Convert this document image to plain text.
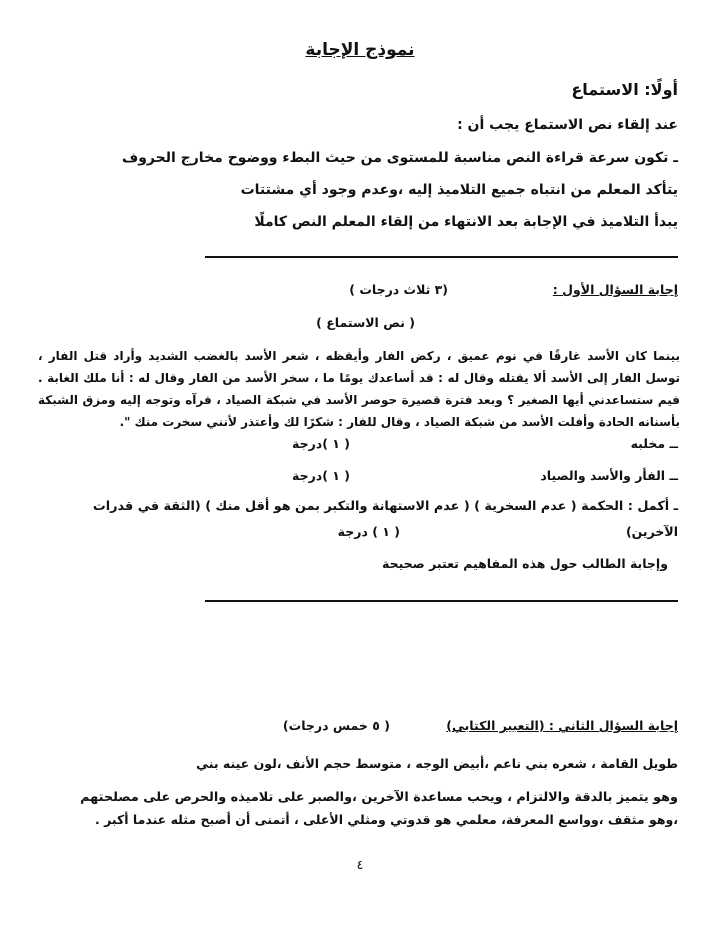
نموذج الإجابة
أولًا: الاستماع
عند إلقاء نص الاستماع يجب أن :
ـ تكون سرعة قراءة النص مناسبة للمستوى من حيث البطء ووضوح مخارج الحروف
يتأكد المعلم من انتباه جميع التلاميذ إليه ،وعدم وجود أي مشتتات
يبدأ التلاميذ في الإجابة بعد الانتهاء من إلقاء المعلم النص كاملًا
إجابة السؤال الأول :
(٣ ثلاث درجات )
( نص الاستماع )
بينما كان الأسد غارقًا في نوم عميق ، ركض الفار وأيقظه ، شعر الأسد بالغضب الشديد وأراد قتل الفار ، توسل الفار إلى الأسد ألا يقتله وقال له : قد أساعدك يومًا ما ، سخر الأسد من الفار وقال له : أنا ملك الغابة . فيم ستساعدني أيها الصغير ؟ وبعد فترة قصيرة حوصر الأسد في شبكة الصياد ، فرآه وتوجه إليه ومزق الشبكة بأسنانه الحادة وأفلت الأسد من شبكة الصياد ، وقال للفار : شكرًا لك وأعتذر لأنني سخرت منك ".
ــ مخلبه
( ١ )درجة
ــ الفأر والأسد والصياد
( ١ )درجة
ـ أكمل : الحكمة ( عدم السخرية ) ( عدم الاستهانة والتكبر بمن هو أقل منك ) (الثقة في قدرات
الآخرين)
( ١ ) درجة
وإجابة الطالب حول هذه المفاهيم تعتبر صحيحة
إجابة السؤال الثاني : (التعبير الكتابي)
( ٥ خمس درجات)
طويل القامة ، شعره بني ناعم ،أبيض الوجه ، متوسط حجم الأنف ،لون عينه بني
وهو يتميز بالدقة والالتزام ، ويحب مساعدة الآخرين ،والصبر على تلاميذه والحرص على مصلحتهم
،وهو مثقف ،وواسع المعرفة، معلمي هو قدوتي ومثلي الأعلى ، أتمنى أن أصبح مثله عندما أكبر .
٤
